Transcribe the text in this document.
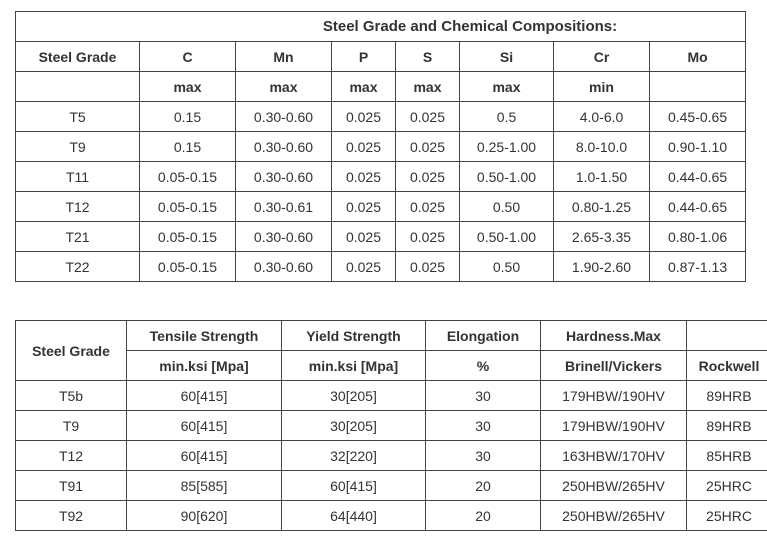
Steel Grade and Chemical Compositions:							
Steel Grade	C	Mn	P	S	Si	Cr	Mo
	max	max	max	max	max	min	
T5	0.15	0.30-0.60	0.025	0.025	0.5	4.0-6.0	0.45-0.65
T9	0.15	0.30-0.60	0.025	0.025	0.25-1.00	8.0-10.0	0.90-1.10
T11	0.05-0.15	0.30-0.60	0.025	0.025	0.50-1.00	1.0-1.50	0.44-0.65
T12	0.05-0.15	0.30-0.61	0.025	0.025	0.50	0.80-1.25	0.44-0.65
T21	0.05-0.15	0.30-0.60	0.025	0.025	0.50-1.00	2.65-3.35	0.80-1.06
T22	0.05-0.15	0.30-0.60	0.025	0.025	0.50	1.90-2.60	0.87-1.13
Steel Grade	Tensile Strength	Yield Strength	Elongation	Hardness.Max	
	min.ksi [Mpa]	min.ksi [Mpa]	%	Brinell/Vickers	Rockwell
T5b	60[415]	30[205]	30	179HBW/190HV	89HRB
T9	60[415]	30[205]	30	179HBW/190HV	89HRB
T12	60[415]	32[220]	30	163HBW/170HV	85HRB
T91	85[585]	60[415]	20	250HBW/265HV	25HRC
T92	90[620]	64[440]	20	250HBW/265HV	25HRC
